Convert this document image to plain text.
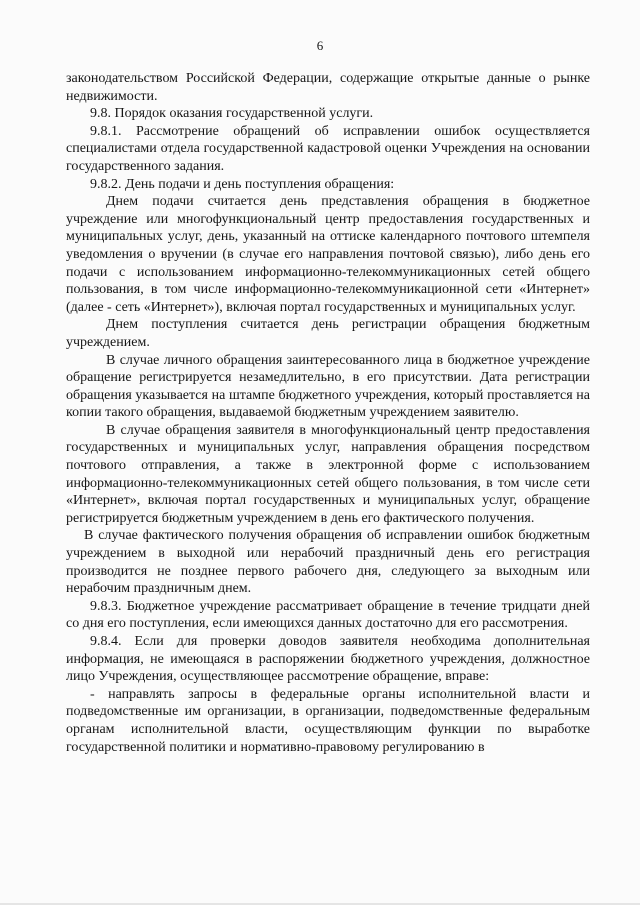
6

законодательством Российской Федерации, содержащие открытые данные о рынке недвижимости.

9.8. Порядок оказания государственной услуги.

9.8.1. Рассмотрение обращений об исправлении ошибок осуществляется специалистами отдела государственной кадастровой оценки Учреждения на основании государственного задания.

9.8.2. День подачи и день поступления обращения:

Днем подачи считается день представления обращения в бюджетное учреждение или многофункциональный центр предоставления государственных и муниципальных услуг, день, указанный на оттиске календарного почтового штемпеля уведомления о вручении (в случае его направления почтовой связью), либо день его подачи с использованием информационно-телекоммуникационных сетей общего пользования, в том числе информационно-телекоммуникационной сети «Интернет» (далее - сеть «Интернет»), включая портал государственных и муниципальных услуг.

Днем поступления считается день регистрации обращения бюджетным учреждением.

В случае личного обращения заинтересованного лица в бюджетное учреждение обращение регистрируется незамедлительно, в его присутствии. Дата регистрации обращения указывается на штампе бюджетного учреждения, который проставляется на копии такого обращения, выдаваемой бюджетным учреждением заявителю.

В случае обращения заявителя в многофункциональный центр предоставления государственных и муниципальных услуг, направления обращения посредством почтового отправления, а также в электронной форме с использованием информационно-телекоммуникационных сетей общего пользования, в том числе сети «Интернет», включая портал государственных и муниципальных услуг, обращение регистрируется бюджетным учреждением в день его фактического получения.

В случае фактического получения обращения об исправлении ошибок бюджетным учреждением в выходной или нерабочий праздничный день его регистрация производится не позднее первого рабочего дня, следующего за выходным или нерабочим праздничным днем.

9.8.3. Бюджетное учреждение рассматривает обращение в течение тридцати дней со дня его поступления, если имеющихся данных достаточно для его рассмотрения.

9.8.4. Если для проверки доводов заявителя необходима дополнительная информация, не имеющаяся в распоряжении бюджетного учреждения, должностное лицо Учреждения, осуществляющее рассмотрение обращение, вправе:

- направлять запросы в федеральные органы исполнительной власти и подведомственные им организации, в организации, подведомственные федеральным органам исполнительной власти, осуществляющим функции по выработке государственной политики и нормативно-правовому регулированию в
